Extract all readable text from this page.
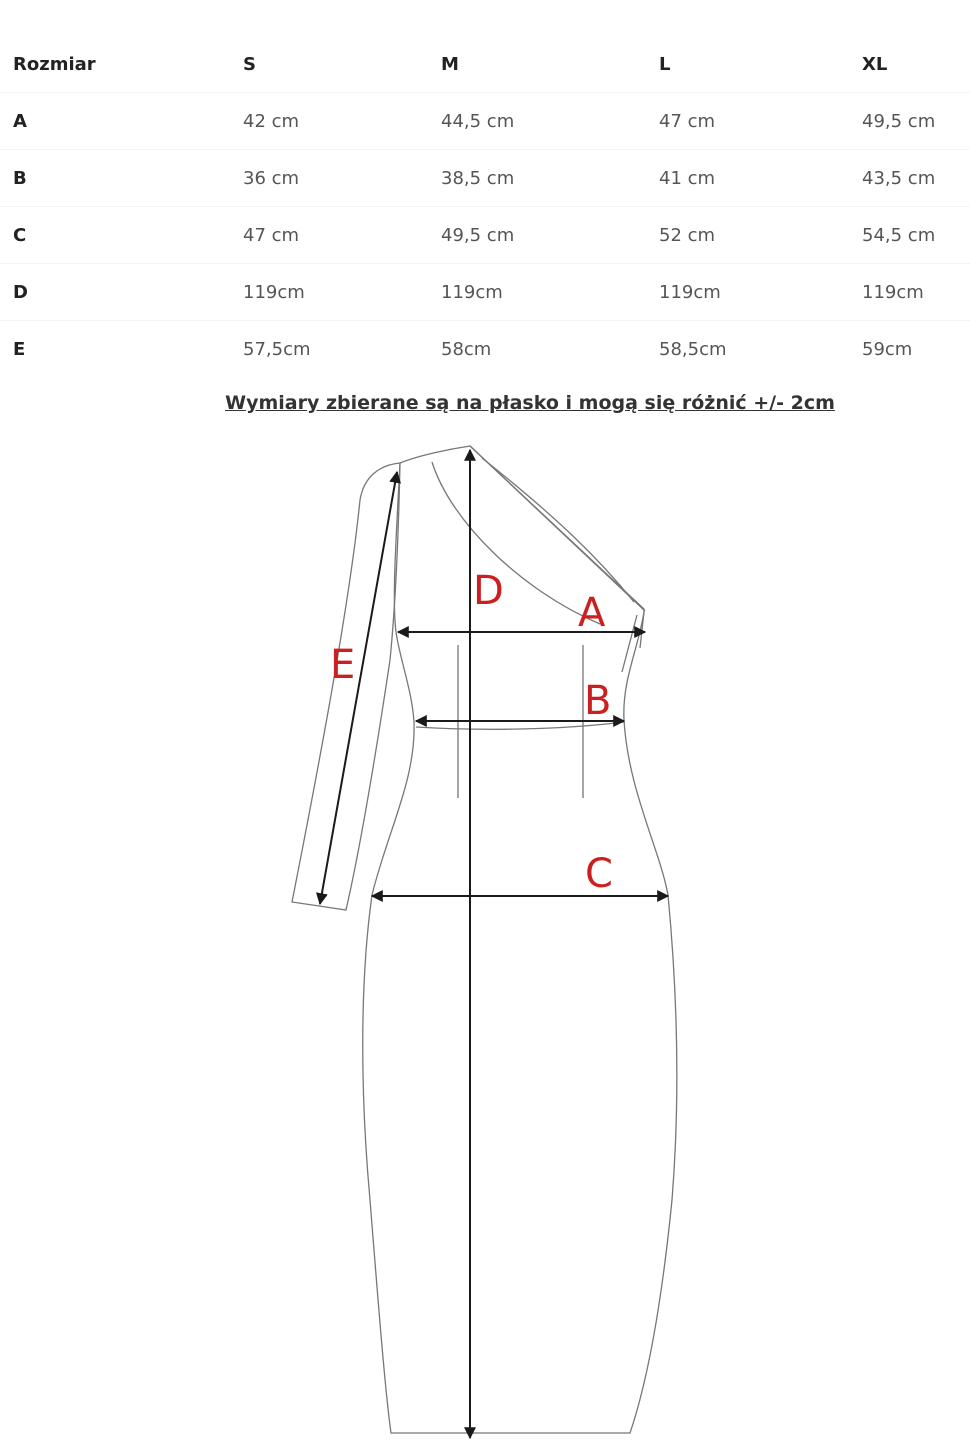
Rozmiar	S	M	L	XL
A	42 cm	44,5 cm	47 cm	49,5 cm
B	36 cm	38,5 cm	41 cm	43,5 cm
C	47 cm	49,5 cm	52 cm	54,5 cm
D	119cm	119cm	119cm	119cm
E	57,5cm	58cm	58,5cm	59cm
Wymiary zbierane są na płasko i mogą się różnić +/- 2cm
D A
B
C
E
